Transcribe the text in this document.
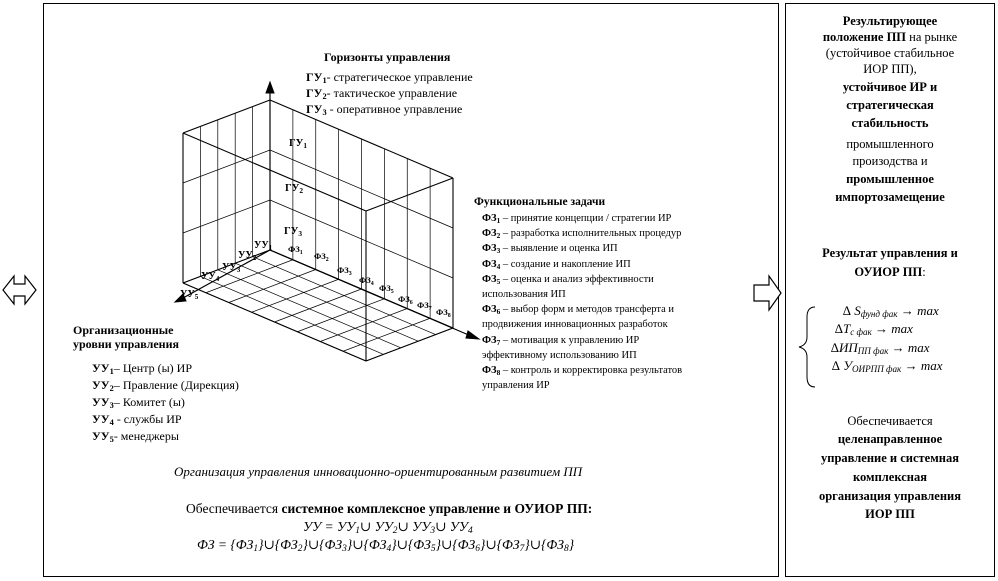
Горизонты управления
$ГУ_1-$ стратегическое управление
$ГУ_2-$ тактическое управление
$ГУ_3$ - оперативное управление
Функциональные задачи
$ФЗ_1$ – принятие концепции / стратегии ИР
$ФЗ_2$ – разработка исполнительных процедур
$ФЗ_3$ – выявление и оценка ИП
$ФЗ_4$ – создание и накопление ИП
$ФЗ_5$ – оценка и анализ эффективности
использования ИП
$ФЗ_6$ – выбор форм и методов трансферта и
продвижения инновационных разработок
$ФЗ_7$ – мотивация к управлению ИР
эффективному использованию ИП
$ФЗ_8$ – контроль и корректировка результатов
управления ИР
Организационные
уровни управления
$УУ_1-$ Центр (ы) ИР
$УУ_2-$ Правление (Дирекция)
$УУ_3-$ Комитет (ы)
$УУ_4$ - службы ИР
$УУ_5-$ менеджеры
$ГУ_1$
$ГУ_2$
$ГУ_3$
$УУ_1$
$УУ_2$
$УУ_3$
$УУ_4$
$УУ_5$
$ФЗ_1$ $ФЗ_2$
$ФЗ_3$
$ФЗ_4$ $ФЗ_5$
$ФЗ_6$ $ФЗ_7$ $ФЗ_8$
Организация управления инновационно-ориентированным развитием ПП
Обеспечивается системное комплексное управление и ОУИОР ПП:
УУ = $УУ_1\cup$ $УУ_2\cup$ $УУ_3\cup$ $УУ_4$
ФЗ = $\{ФЗ_1\}\cup\{ФЗ_2\}\cup\{ФЗ_3\}\cup\{ФЗ_4\}\cup\{ФЗ_5\}\cup\{ФЗ_6\}\cup\{ФЗ_7\}\cup\{ФЗ_8\}$
Результирующее
положение ПП на рынке
(устойчивое стабильное
ИОР ПП),
устойчивое ИР и
стратегическая
стабильность
промышленного
произодства и
промышленное
импортозамещение
Результат управления и
ОУИОР ПП:
∆ $S_{фунд фак} \to \max$
$\Delta T_{c фак} \to \max$
$\Delta ИП_{ПП фак} \to \max$
∆ $У_{ОИРПП фак} \to \max$
Обеспечивается
целенаправленное
управление и системная
комплексная
организация управления
ИОР ПП
